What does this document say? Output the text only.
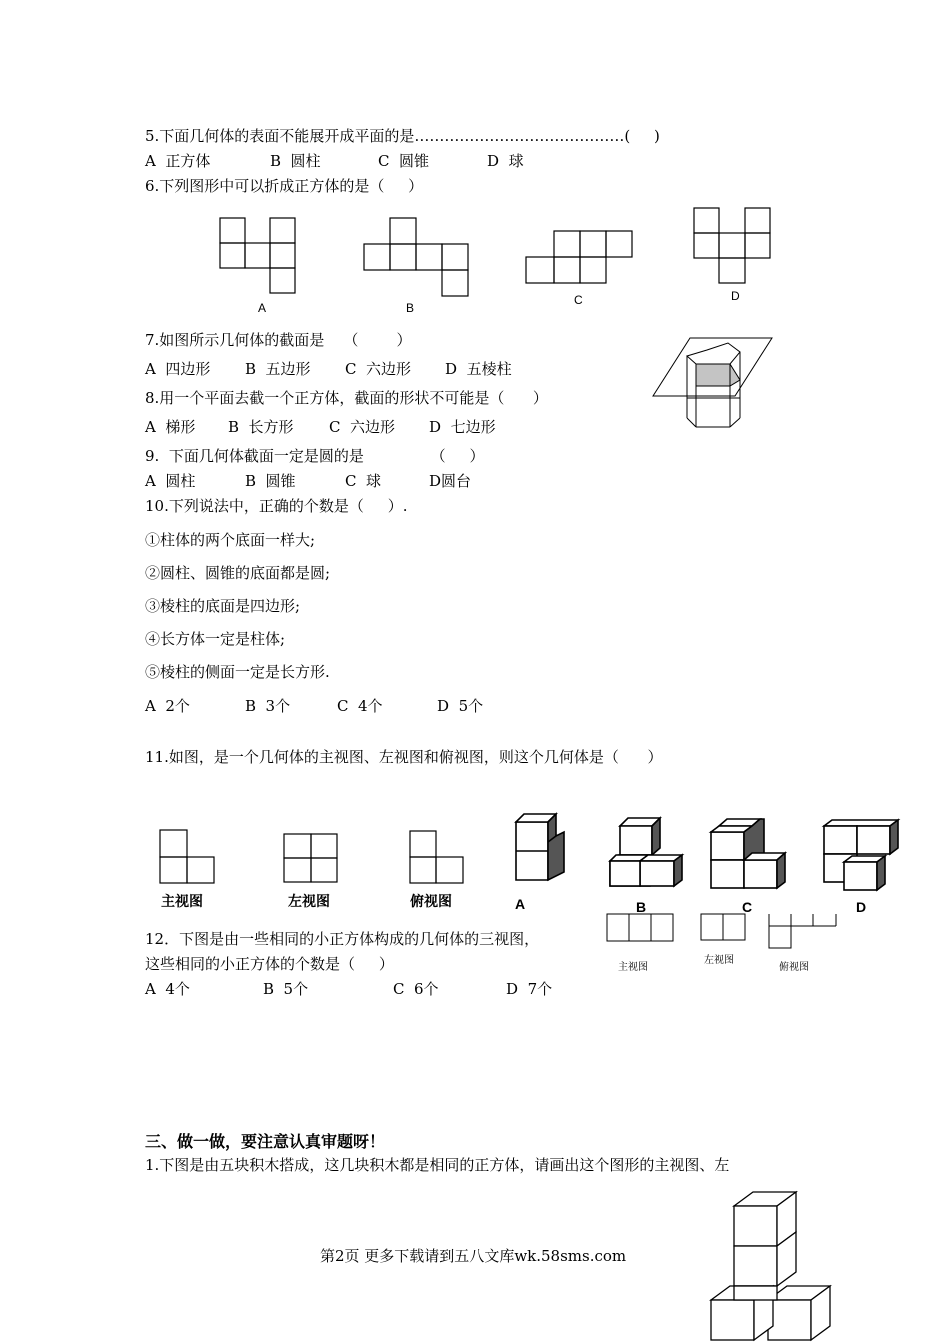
5.下面几何体的表面不能展开成平面的是……………………………………(     )
A  正方体	B  圆柱	C  圆锥	D  球
6.下列图形中可以折成正方体的是（     ）
A	B
C	D
7.如图所示几何体的截面是    （        ）
A  四边形 B  五边形 C  六边形 D  五棱柱
8.用一个平面去截一个正方体，截面的形状不可能是（      ）
A  梯形 B  长方形 C  六边形 D  七边形
9.  下面几何体截面一定是圆的是              （     ）
A  圆柱	B  圆锥	C  球	D圆台
10.下列说法中，正确的个数是（     ）.
①柱体的两个底面一样大;
②圆柱、圆锥的底面都是圆;
③棱柱的底面是四边形;
④长方体一定是柱体;
⑤棱柱的侧面一定是长方形.
A  2个	B  3个	C  4个	D  5个
11.如图，是一个几何体的主视图、左视图和俯视图，则这个几何体是（      ）
主视图	左视图	俯视图	A	B	C	D
12．下图是由一些相同的小正方体构成的几何体的三视图，
这些相同的小正方体的个数是（     ）
A  4个	B  5个	C  6个	D  7个
主视图
左视图
俯视图
三、做一做，要注意认真审题呀！
1.下图是由五块积木搭成，这几块积木都是相同的正方体，请画出这个图形的主视图、左
第2页 更多下载请到五八文库wk.58sms.com
